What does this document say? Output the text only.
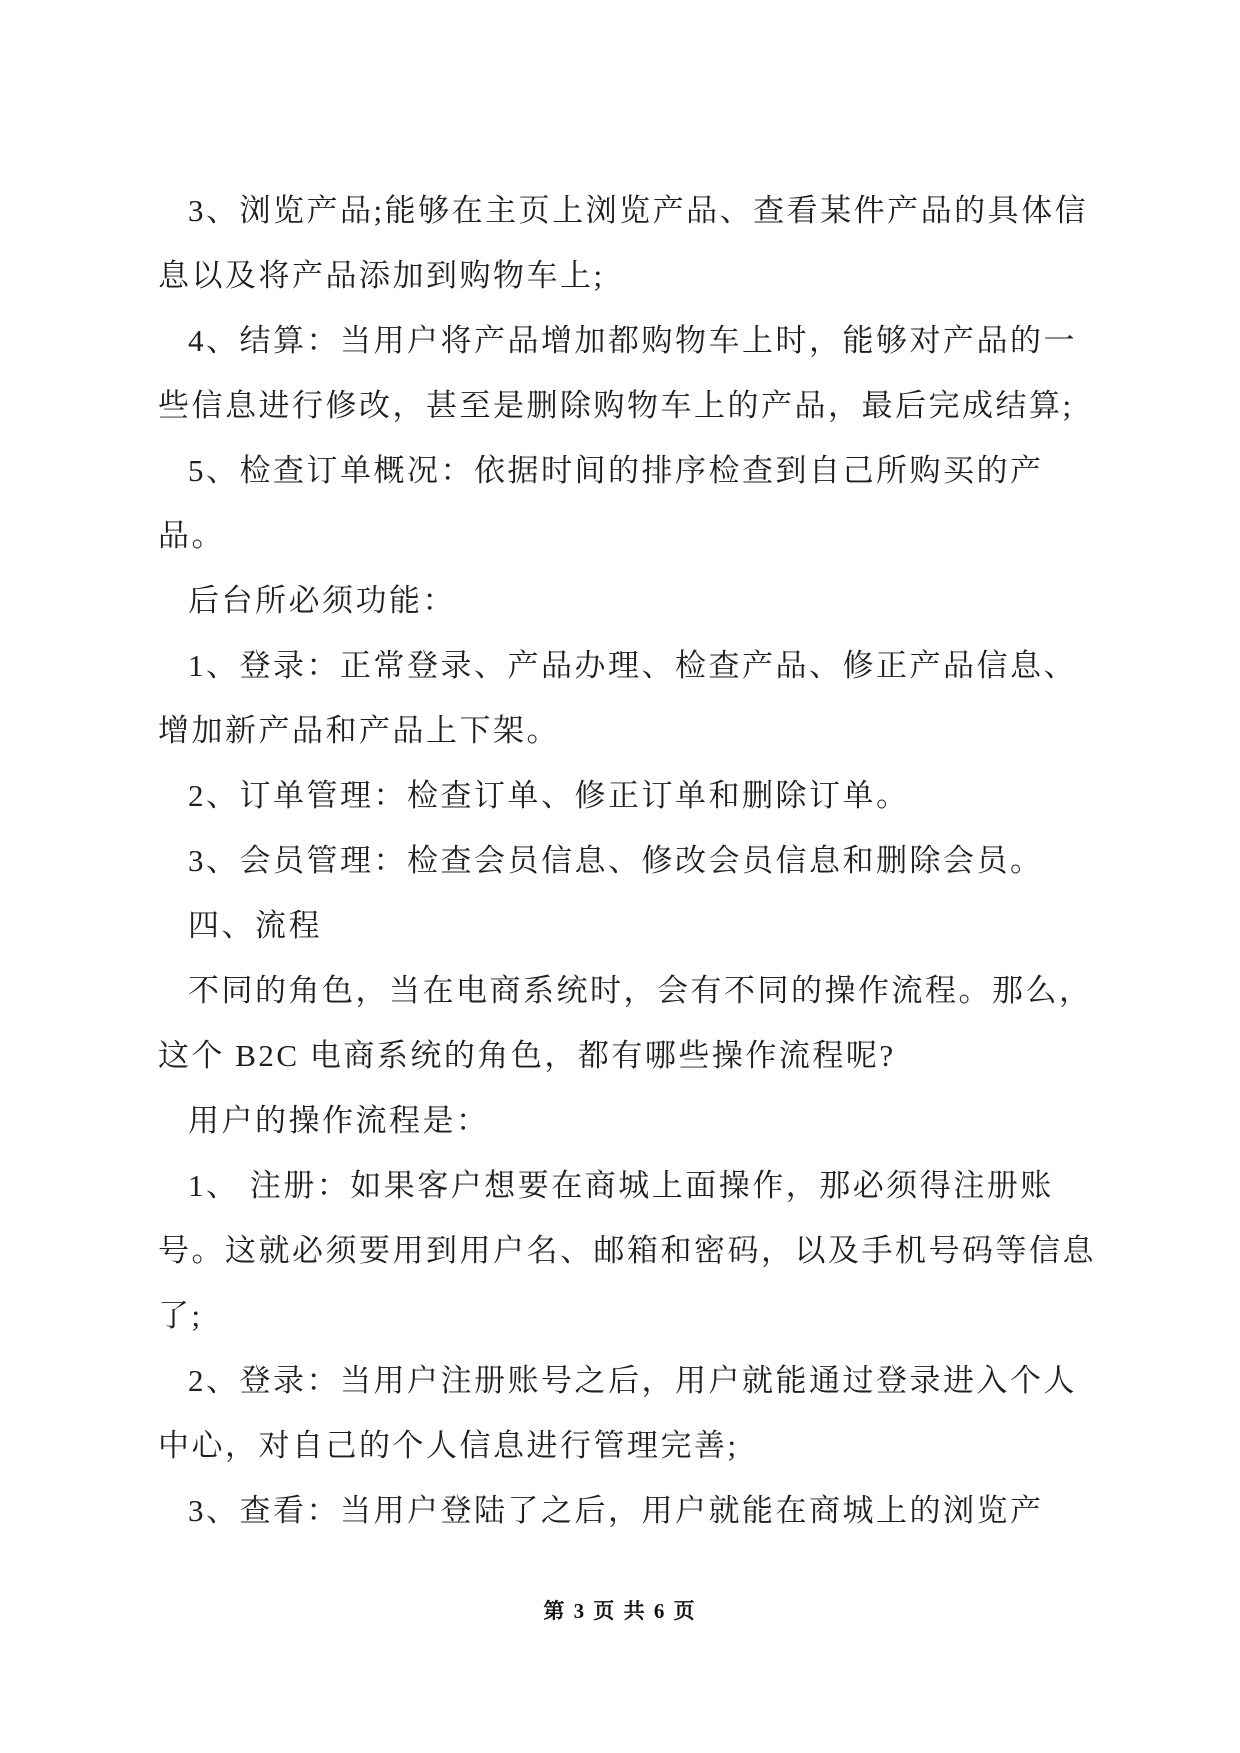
3、浏览产品;能够在主页上浏览产品、查看某件产品的具体信
息以及将产品添加到购物车上;
4、结算：当用户将产品增加都购物车上时，能够对产品的一
些信息进行修改，甚至是删除购物车上的产品，最后完成结算;
5、检查订单概况：依据时间的排序检查到自己所购买的产
品。
后台所必须功能：
1、登录：正常登录、产品办理、检查产品、修正产品信息、
增加新产品和产品上下架。
2、订单管理：检查订单、修正订单和删除订单。
3、会员管理：检查会员信息、修改会员信息和删除会员。
四、流程
不同的角色，当在电商系统时，会有不同的操作流程。那么，
这个 B2C 电商系统的角色，都有哪些操作流程呢?
用户的操作流程是：
1、 注册：如果客户想要在商城上面操作，那必须得注册账
号。这就必须要用到用户名、邮箱和密码，以及手机号码等信息
了;
2、登录：当用户注册账号之后，用户就能通过登录进入个人
中心，对自己的个人信息进行管理完善;
3、查看：当用户登陆了之后，用户就能在商城上的浏览产
第 3 页 共 6 页
